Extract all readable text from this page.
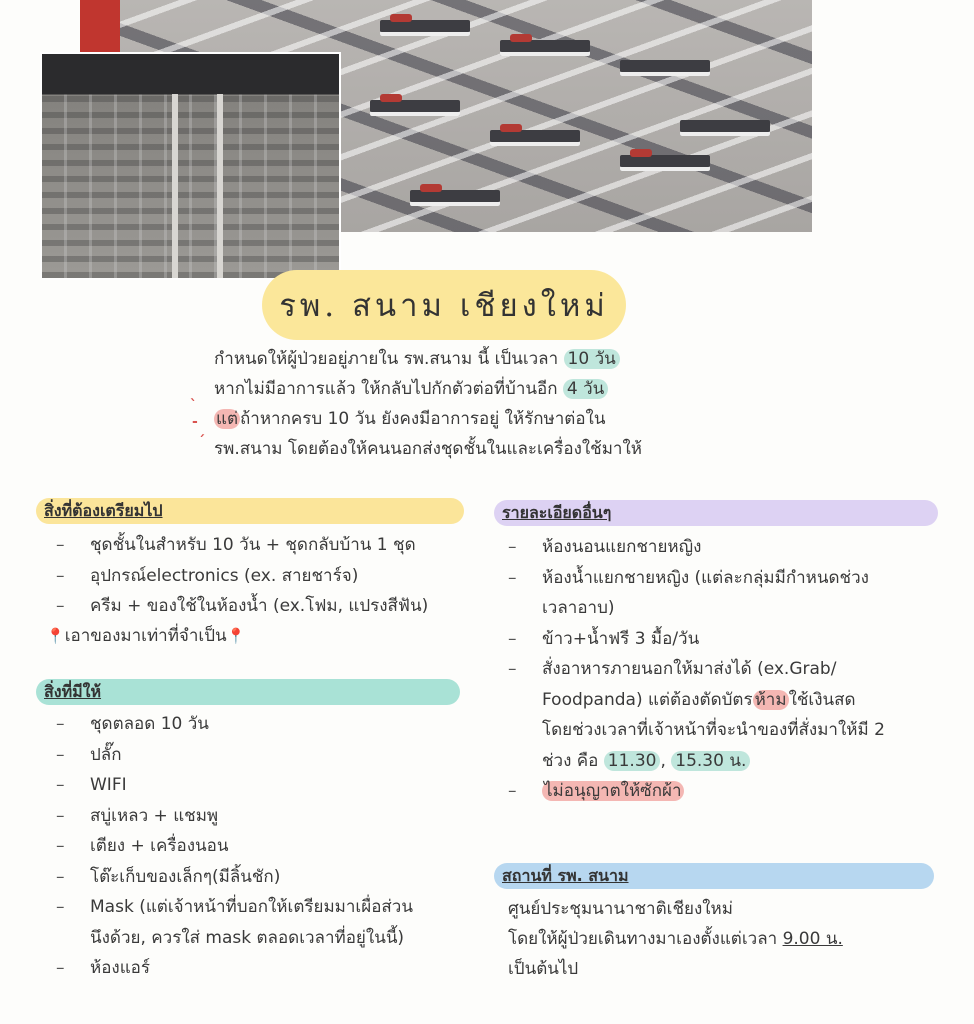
รพ. สนาม เชียงใหม่
กำหนดให้ผู้ป่วยอยู่ภายใน รพ.สนาม นี้ เป็นเวลา 10 วัน
หากไม่มีอาการแล้ว ให้กลับไปกักตัวต่อที่บ้านอีก 4 วัน
แต่ ถ้าหากครบ 10 วัน ยังคงมีอาการอยู่ ให้รักษาต่อใน
รพ.สนาม โดยต้องให้คนนอกส่งชุดชั้นในและเครื่องใช้มาให้
ˋ
-
ˊ
สิ่งที่ต้องเตรียมไป
– ชุดชั้นในสำหรับ 10 วัน + ชุดกลับบ้าน 1 ชุด
– อุปกรณ์electronics (ex. สายชาร์จ)
– ครีม + ของใช้ในห้องน้ำ (ex.โฟม, แปรงสีฟัน)
📍เอาของมาเท่าที่จำเป็น📍
สิ่งที่มีให้
– ชุดตลอด 10 วัน
– ปลั๊ก
– WIFI
– สบู่เหลว + แชมพู
– เตียง + เครื่องนอน
– โต๊ะเก็บของเล็กๆ(มีลิ้นชัก)
– Mask (แต่เจ้าหน้าที่บอกให้เตรียมมาเผื่อส่วน
นึงด้วย, ควรใส่ mask ตลอดเวลาที่อยู่ในนี้)
– ห้องแอร์
รายละเอียดอื่นๆ
– ห้องนอนแยกชายหญิง
– ห้องน้ำแยกชายหญิง (แต่ละกลุ่มมีกำหนดช่วง
เวลาอาบ)
– ข้าว+น้ำฟรี 3 มื้อ/วัน
– สั่งอาหารภายนอกให้มาส่งได้ (ex.Grab/
Foodpanda) แต่ต้องตัดบัตร ห้าม ใช้เงินสด
โดยช่วงเวลาที่เจ้าหน้าที่จะนำของที่สั่งมาให้มี 2
ช่วง คือ 11.30 , 15.30 น.
– ไม่อนุญาตให้ซักผ้า
สถานที่ รพ. สนาม
ศูนย์ประชุมนานาชาติเชียงใหม่
โดยให้ผู้ป่วยเดินทางมาเองตั้งแต่เวลา 9.00 น.
เป็นต้นไป
